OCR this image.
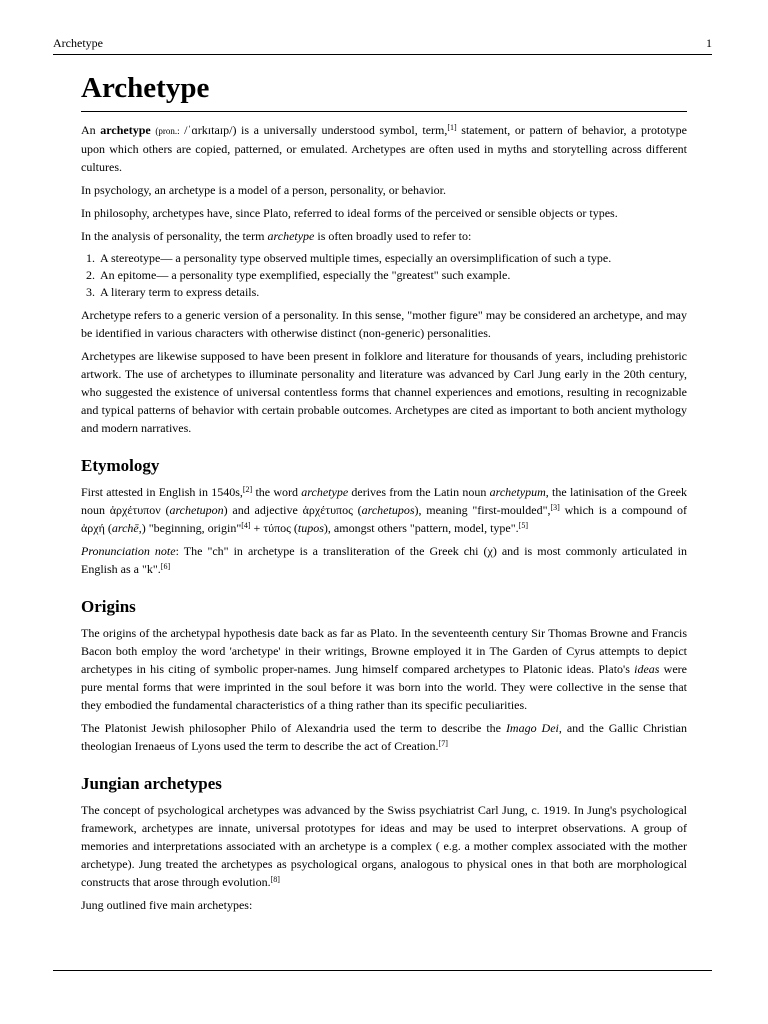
Archetype	1
Archetype

An archetype (pron.: /ˈɑrkɪtaɪp/) is a universally understood symbol, term,[1] statement, or pattern of behavior, a prototype upon which others are copied, patterned, or emulated. Archetypes are often used in myths and storytelling across different cultures.

In psychology, an archetype is a model of a person, personality, or behavior.

In philosophy, archetypes have, since Plato, referred to ideal forms of the perceived or sensible objects or types.

In the analysis of personality, the term archetype is often broadly used to refer to:

1. A stereotype— a personality type observed multiple times, especially an oversimplification of such a type.
2. An epitome— a personality type exemplified, especially the "greatest" such example.
3. A literary term to express details.

Archetype refers to a generic version of a personality. In this sense, "mother figure" may be considered an archetype, and may be identified in various characters with otherwise distinct (non-generic) personalities.

Archetypes are likewise supposed to have been present in folklore and literature for thousands of years, including prehistoric artwork. The use of archetypes to illuminate personality and literature was advanced by Carl Jung early in the 20th century, who suggested the existence of universal contentless forms that channel experiences and emotions, resulting in recognizable and typical patterns of behavior with certain probable outcomes. Archetypes are cited as important to both ancient mythology and modern narratives.

Etymology

First attested in English in 1540s,[2] the word archetype derives from the Latin noun archetypum, the latinisation of the Greek noun ἀρχέτυπον (archetupon) and adjective ἀρχέτυπος (archetupos), meaning "first-moulded",[3] which is a compound of ἀρχή (archē,) "beginning, origin"[4] + τύπος (tupos), amongst others "pattern, model, type".[5]

Pronunciation note: The "ch" in archetype is a transliteration of the Greek chi (χ) and is most commonly articulated in English as a "k".[6]

Origins

The origins of the archetypal hypothesis date back as far as Plato. In the seventeenth century Sir Thomas Browne and Francis Bacon both employ the word 'archetype' in their writings, Browne employed it in The Garden of Cyrus attempts to depict archetypes in his citing of symbolic proper-names. Jung himself compared archetypes to Platonic ideas. Plato's ideas were pure mental forms that were imprinted in the soul before it was born into the world. They were collective in the sense that they embodied the fundamental characteristics of a thing rather than its specific peculiarities.

The Platonist Jewish philosopher Philo of Alexandria used the term to describe the Imago Dei, and the Gallic Christian theologian Irenaeus of Lyons used the term to describe the act of Creation.[7]

Jungian archetypes

The concept of psychological archetypes was advanced by the Swiss psychiatrist Carl Jung, c. 1919. In Jung's psychological framework, archetypes are innate, universal prototypes for ideas and may be used to interpret observations. A group of memories and interpretations associated with an archetype is a complex ( e.g. a mother complex associated with the mother archetype). Jung treated the archetypes as psychological organs, analogous to physical ones in that both are morphological constructs that arose through evolution.[8]

Jung outlined five main archetypes:
